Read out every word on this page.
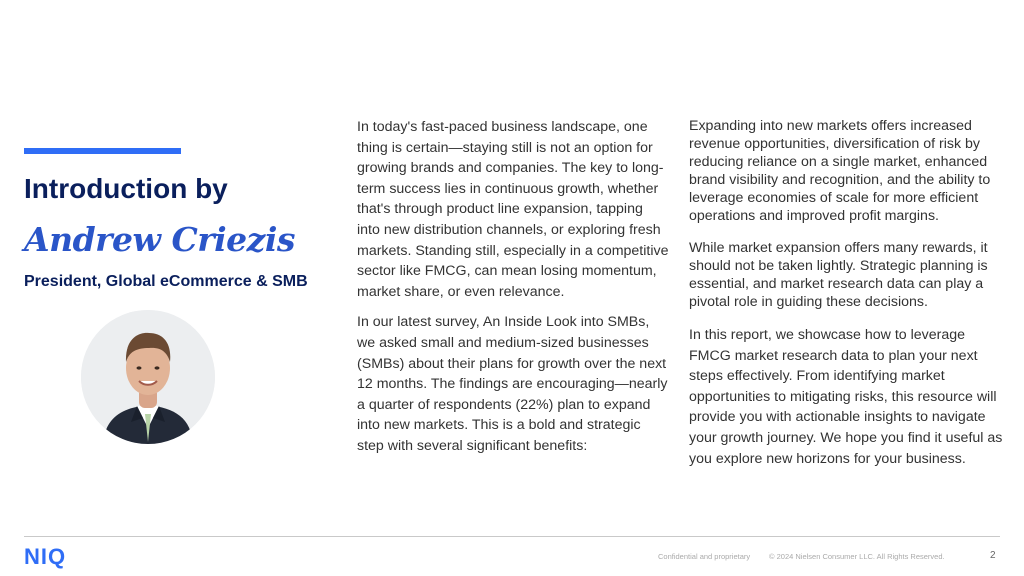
Introduction by
Andrew Criezis

President, Global eCommerce & SMB

In today's fast-paced business landscape, one thing is certain—staying still is not an option for growing brands and companies. The key to long-term success lies in continuous growth, whether that's through product line expansion, tapping into new distribution channels, or exploring fresh markets. Standing still, especially in a competitive sector like FMCG, can mean losing momentum, market share, or even relevance.

In our latest survey, An Inside Look into SMBs, we asked small and medium-sized businesses (SMBs) about their plans for growth over the next 12 months. The findings are encouraging—nearly a quarter of respondents (22%) plan to expand into new markets. This is a bold and strategic step with several significant benefits:

Expanding into new markets offers increased revenue opportunities, diversification of risk by reducing reliance on a single market, enhanced brand visibility and recognition, and the ability to leverage economies of scale for more efficient operations and improved profit margins.

While market expansion offers many rewards, it should not be taken lightly. Strategic planning is essential, and market research data can play a pivotal role in guiding these decisions.

In this report, we showcase how to leverage FMCG market research data to plan your next steps effectively. From identifying market opportunities to mitigating risks, this resource will provide you with actionable insights to navigate your growth journey. We hope you find it useful as you explore new horizons for your business.

NIQ	Confidential and proprietary	© 2024 Nielsen Consumer LLC. All Rights Reserved.	2
